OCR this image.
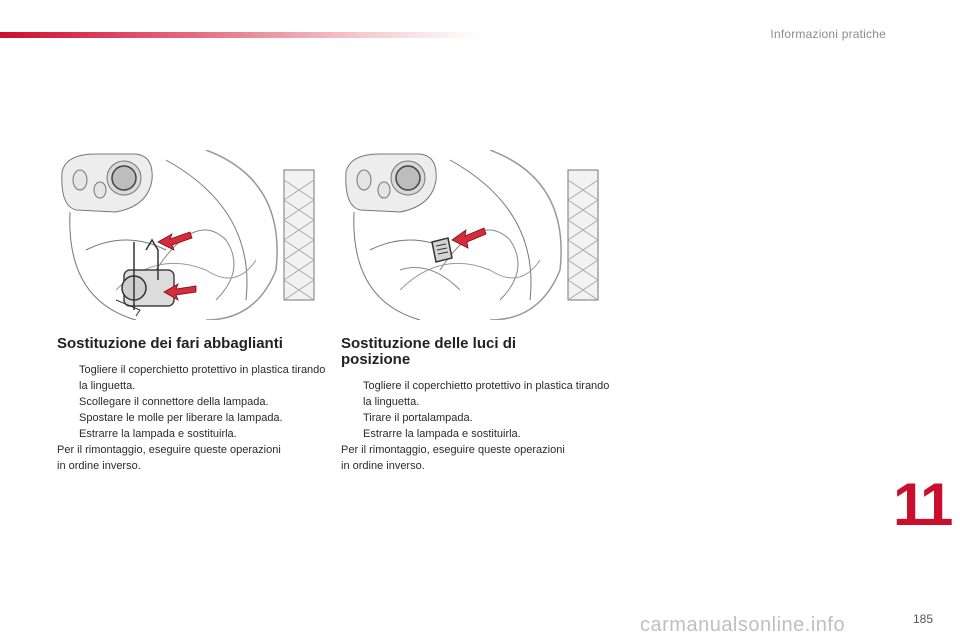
Informazioni pratiche
Sostituzione dei fari abbaglianti
Togliere il coperchietto protettivo in plastica tirando la linguetta.
Scollegare il connettore della lampada.
Spostare le molle per liberare la lampada.
Estrarre la lampada e sostituirla.

Per il rimontaggio, eseguire queste operazioni
in ordine inverso.

Sostituzione delle luci di
posizione
Togliere il coperchietto protettivo in plastica tirando la linguetta.
Tirare il portalampada.
Estrarre la lampada e sostituirla.

Per il rimontaggio, eseguire queste operazioni
in ordine inverso.

11
185
carmanualsonline.info
